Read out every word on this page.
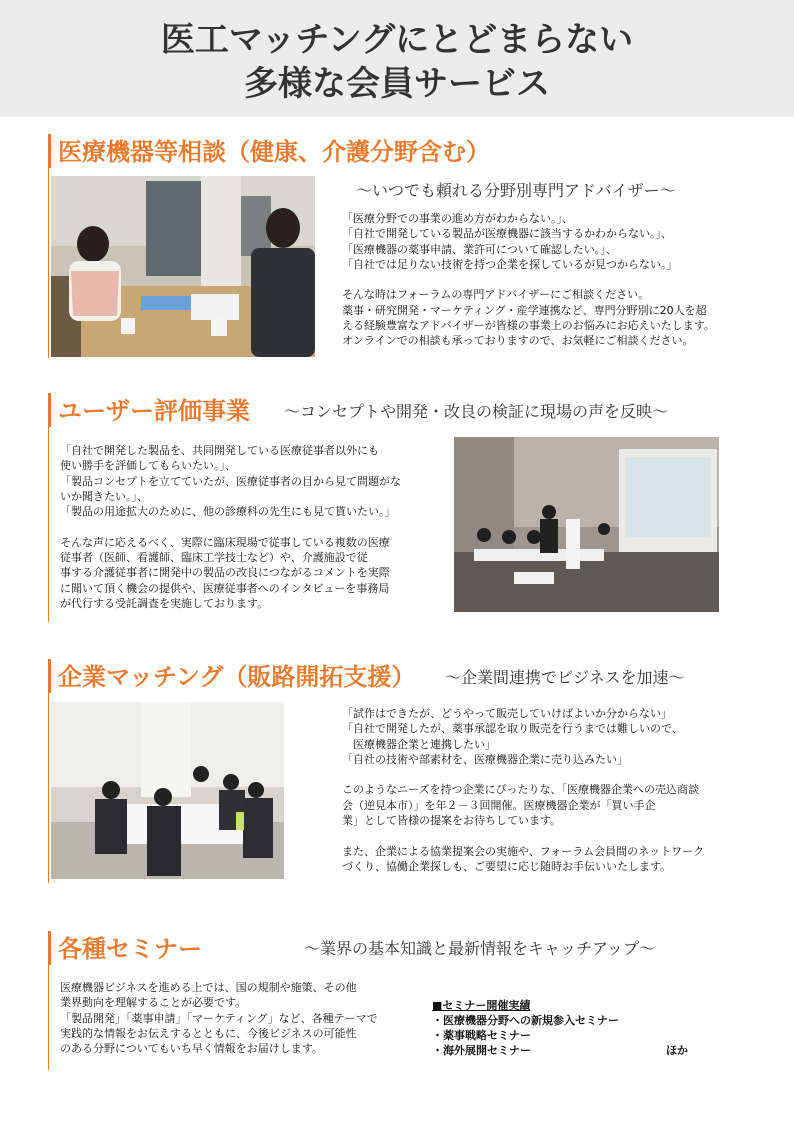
医工マッチングにとどまらない
多様な会員サービス
医療機器等相談（健康、介護分野含む）
～いつでも頼れる分野別専門アドバイザー～

「医療分野での事業の進め方がわからない。」、

「自社で開発している製品が医療機器に該当するかわからない。」、

「医療機器の薬事申請、業許可について確認したい。」、

「自社では足りない技術を持つ企業を探しているが見つからない。」

そんな時はフォーラムの専門アドバイザーにご相談ください。

薬事・研究開発・マーケティング・産学連携など、専門分野別に20人を超

える経験豊富なアドバイザーが皆様の事業上のお悩みにお応えいたします。

オンラインでの相談も承っておりますので、お気軽にご相談ください。

ユーザー評価事業 ～コンセプトや開発・改良の検証に現場の声を反映～

「自社で開発した製品を、共同開発している医療従事者以外にも

使い勝手を評価してもらいたい。」、

「製品コンセプトを立てていたが、医療従事者の目から見て問題がな

いか聞きたい。」、

「製品の用途拡大のために、他の診療科の先生にも見て貰いたい。」

そんな声に応えるべく、実際に臨床現場で従事している複数の医療

従事者（医師、看護師、臨床工学技士など）や、介護施設で従

事する介護従事者に開発中の製品の改良につながるコメントを実際

に聞いて頂く機会の提供や、医療従事者へのインタビューを事務局

が代行する受託調査を実施しております。

企業マッチング（販路開拓支援） ～企業間連携でビジネスを加速～

「試作はできたが、どうやって販売していけばよいか分からない」

「自社で開発したが、薬事承認を取り販売を行うまでは難しいので、

　医療機器企業と連携したい」

「自社の技術や部素材を、医療機器企業に売り込みたい」

このようなニーズを持つ企業にぴったりな、「医療機器企業への売込商談

会（逆見本市）」を年２－３回開催。医療機器企業が「買い手企

業」として皆様の提案をお待ちしています。

また、企業による協業提案会の実施や、フォーラム会員間のネットワーク

づくり、協働企業探しも、ご要望に応じ随時お手伝いいたします。

各種セミナー	～業界の基本知識と最新情報をキャッチアップ～

医療機器ビジネスを進める上では、国の規制や施策、その他

業界動向を理解することが必要です。

「製品開発」「薬事申請」「マーケティング」など、各種テーマで

実践的な情報をお伝えするとともに、今後ビジネスの可能性

のある分野についてもいち早く情報をお届けします。

■セミナー開催実績
・医療機器分野への新規参入セミナー
・薬事戦略セミナー
・海外展開セミナー	ほか
